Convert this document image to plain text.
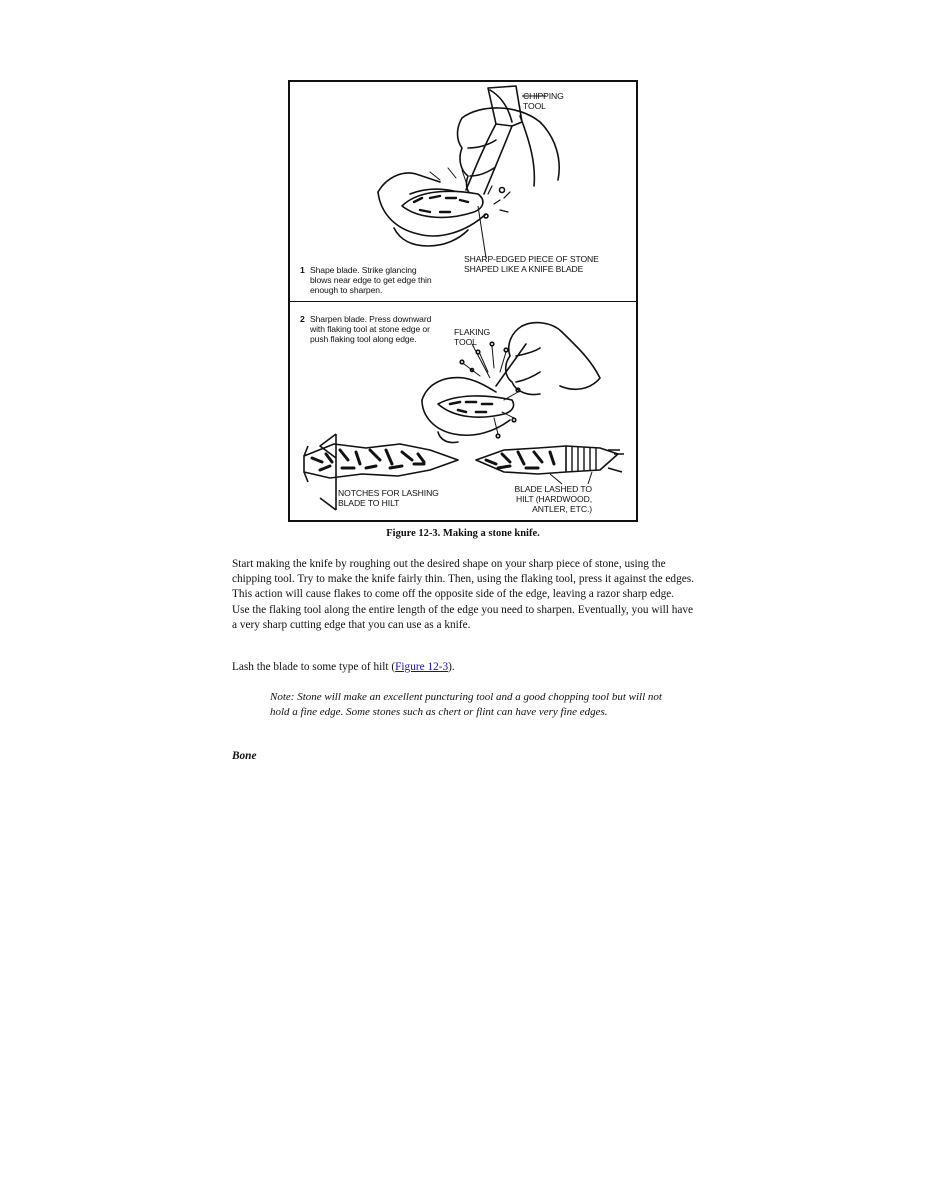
CHIPPING
TOOL
1 Shape blade. Strike glancing
blows near edge to get edge thin
enough to sharpen.
SHARP-EDGED PIECE OF STONE
SHAPED LIKE A KNIFE BLADE
2 Sharpen blade. Press downward
with flaking tool at stone edge or
push flaking tool along edge.
FLAKING
TOOL
NOTCHES FOR LASHING
BLADE TO HILT
BLADE LASHED TO
HILT (HARDWOOD,
ANTLER, ETC.)
Figure 12-3. Making a stone knife.
Start making the knife by roughing out the desired shape on your sharp piece of stone, using the chipping tool. Try to make the knife fairly thin. Then, using the flaking tool, press it against the edges. This action will cause flakes to come off the opposite side of the edge, leaving a razor sharp edge. Use the flaking tool along the entire length of the edge you need to sharpen. Eventually, you will have a very sharp cutting edge that you can use as a knife.
Lash the blade to some type of hilt (Figure 12-3).
Note: Stone will make an excellent puncturing tool and a good chopping tool but will not hold a fine edge. Some stones such as chert or flint can have very fine edges.
Bone
